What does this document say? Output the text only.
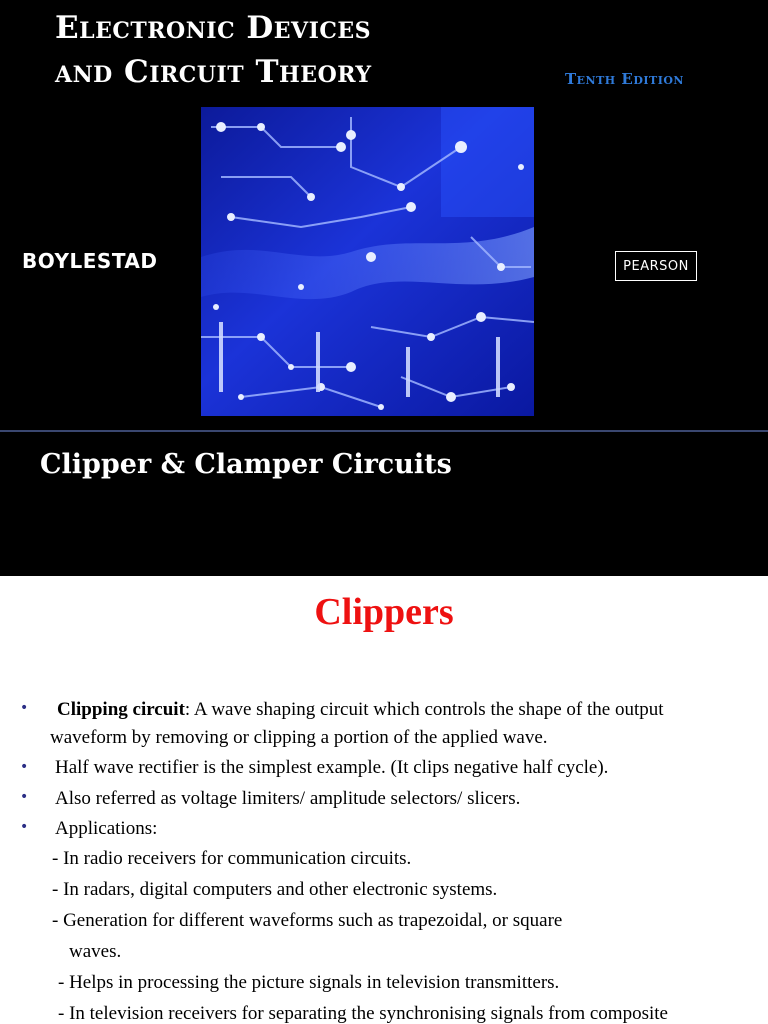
Electronic Devices
and Circuit Theory	Tenth Edition
BOYLESTAD	PEARSON
Clipper & Clamper Circuits
Clippers
• Clipping circuit: A wave shaping circuit which controls the shape of the output
waveform by removing or clipping a portion of the applied wave.
• Half wave rectifier is the simplest example. (It clips negative half cycle).
• Also referred as voltage limiters/ amplitude selectors/ slicers.
• Applications:
- In radio receivers for communication circuits.
- In radars, digital computers and other electronic systems.
- Generation for different waveforms such as trapezoidal, or square
waves.
- Helps in processing the picture signals in television transmitters.
- In television receivers for separating the synchronising signals from composite
